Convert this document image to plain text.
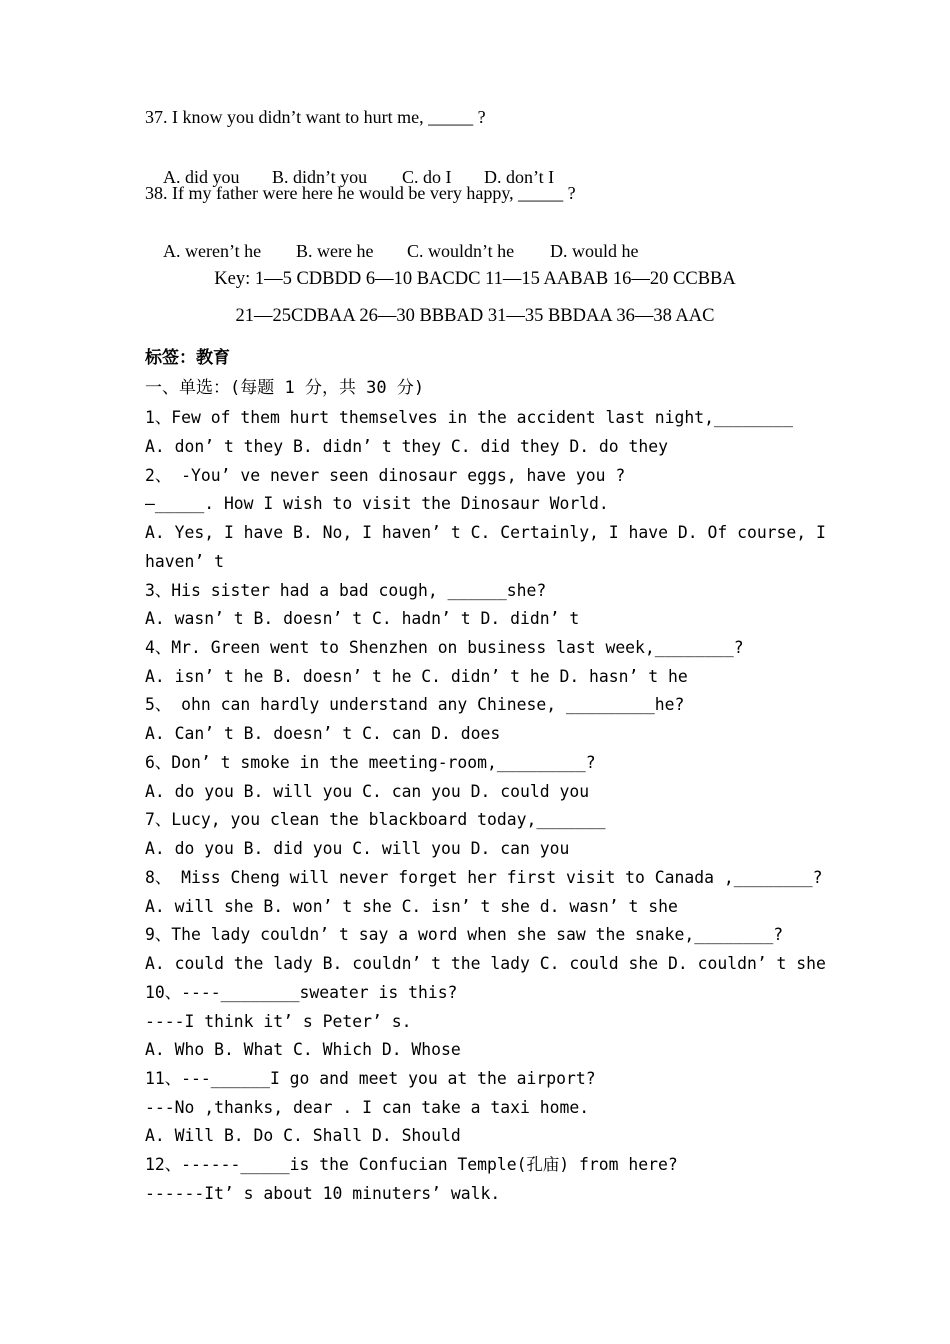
37. I know you didn’t want to hurt me, _____ ?

A. did you B. didn’t you C. do I D. don’t I

38. If my father were here he would be very happy, _____ ?

A. weren’t he B. were he C. wouldn’t he D. would he

Key: 1—5 CDBDD 6—10 BACDC 11—15 AABAB 16—20 CCBBA
21—25CDBAA 26—30 BBBAD 31—35 BBDAA 36—38 AAC
标签：教育
一、单选：(每题 1 分，共 30 分)
1、Few of them hurt themselves in the accident last night,________
A. don’ t they B. didn’ t they C. did they D. do they
2、 -You’ ve never seen dinosaur eggs, have you ?
—_____. How I wish to visit the Dinosaur World.
A. Yes, I have B. No, I haven’ t C. Certainly, I have D. Of course, I
haven’ t
3、His sister had a bad cough, ______she?
A. wasn’ t B. doesn’ t C. hadn’ t D. didn’ t
4、Mr. Green went to Shenzhen on business last week,________?
A. isn’ t he B. doesn’ t he C. didn’ t he D. hasn’ t he
5、 ohn can hardly understand any Chinese, _________he?
A. Can’ t B. doesn’ t C. can D. does
6、Don’ t smoke in the meeting-room,_________?
A. do you B. will you C. can you D. could you
7、Lucy, you clean the blackboard today,_______
A. do you B. did you C. will you D. can you
8、 Miss Cheng will never forget her first visit to Canada ,________?
A. will she B. won’ t she C. isn’ t she d. wasn’ t she
9、The lady couldn’ t say a word when she saw the snake,________?
A. could the lady B. couldn’ t the lady C. could she D. couldn’ t she
10、----________sweater is this?
----I think it’ s Peter’ s.
A. Who B. What C. Which D. Whose
11、---______I go and meet you at the airport?
---No ,thanks, dear . I can take a taxi home.
A. Will B. Do C. Shall D. Should
12、------_____is the Confucian Temple(孔庙) from here?
------It’ s about 10 minuters’ walk.
